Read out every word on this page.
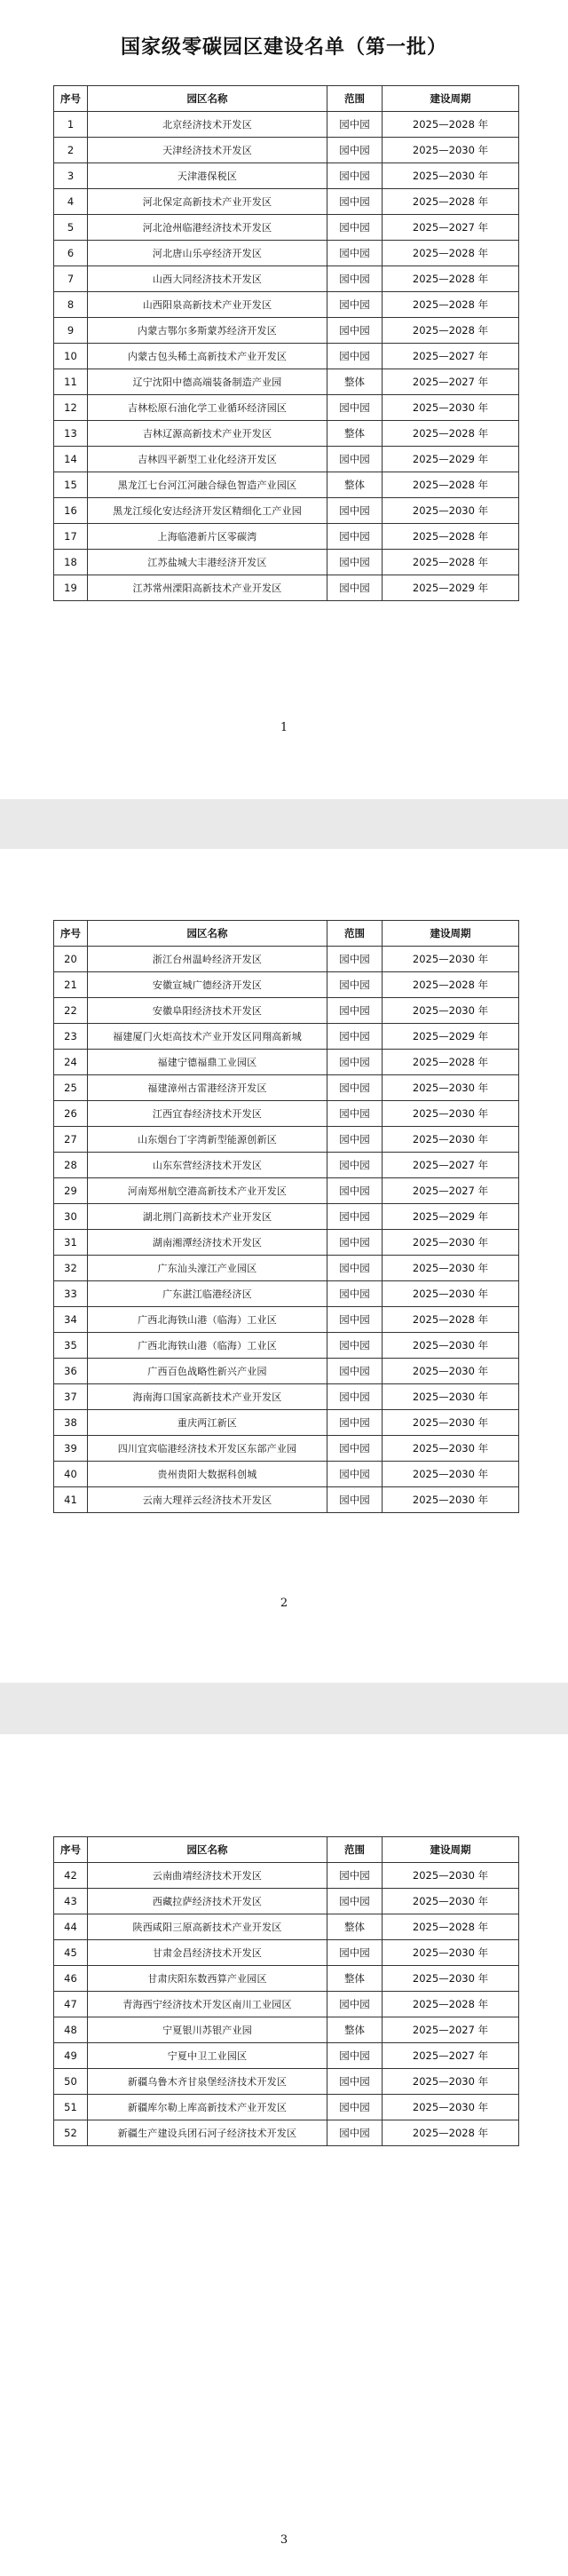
国家级零碳园区建设名单（第一批）
序号	园区名称	范围	建设周期
1	北京经济技术开发区	园中园	2025—2028 年
2	天津经济技术开发区	园中园	2025—2030 年
3	天津港保税区	园中园	2025—2030 年
4	河北保定高新技术产业开发区	园中园	2025—2028 年
5	河北沧州临港经济技术开发区	园中园	2025—2027 年
6	河北唐山乐亭经济开发区	园中园	2025—2028 年
7	山西大同经济技术开发区	园中园	2025—2028 年
8	山西阳泉高新技术产业开发区	园中园	2025—2028 年
9	内蒙古鄂尔多斯蒙苏经济开发区	园中园	2025—2028 年
10	内蒙古包头稀土高新技术产业开发区	园中园	2025—2027 年
11	辽宁沈阳中德高端装备制造产业园	整体	2025—2027 年
12	吉林松原石油化学工业循环经济园区	园中园	2025—2030 年
13	吉林辽源高新技术产业开发区	整体	2025—2028 年
14	吉林四平新型工业化经济开发区	园中园	2025—2029 年
15	黑龙江七台河江河融合绿色智造产业园区	整体	2025—2028 年
16	黑龙江绥化安达经济开发区精细化工产业园	园中园	2025—2030 年
17	上海临港新片区零碳湾	园中园	2025—2028 年
18	江苏盐城大丰港经济开发区	园中园	2025—2028 年
19	江苏常州溧阳高新技术产业开发区	园中园	2025—2029 年
1
序号	园区名称	范围	建设周期
20	浙江台州温岭经济开发区	园中园	2025—2030 年
21	安徽宣城广德经济开发区	园中园	2025—2028 年
22	安徽阜阳经济技术开发区	园中园	2025—2030 年
23	福建厦门火炬高技术产业开发区同翔高新城	园中园	2025—2029 年
24	福建宁德福鼎工业园区	园中园	2025—2028 年
25	福建漳州古雷港经济开发区	园中园	2025—2030 年
26	江西宜春经济技术开发区	园中园	2025—2030 年
27	山东烟台丁字湾新型能源创新区	园中园	2025—2030 年
28	山东东营经济技术开发区	园中园	2025—2027 年
29	河南郑州航空港高新技术产业开发区	园中园	2025—2027 年
30	湖北荆门高新技术产业开发区	园中园	2025—2029 年
31	湖南湘潭经济技术开发区	园中园	2025—2030 年
32	广东汕头濠江产业园区	园中园	2025—2030 年
33	广东湛江临港经济区	园中园	2025—2030 年
34	广西北海铁山港（临海）工业区	园中园	2025—2028 年
35	广西北海铁山港（临海）工业区	园中园	2025—2030 年
36	广西百色战略性新兴产业园	园中园	2025—2030 年
37	海南海口国家高新技术产业开发区	园中园	2025—2030 年
38	重庆两江新区	园中园	2025—2030 年
39	四川宜宾临港经济技术开发区东部产业园	园中园	2025—2030 年
40	贵州贵阳大数据科创城	园中园	2025—2030 年
41	云南大理祥云经济技术开发区	园中园	2025—2030 年
2
序号	园区名称	范围	建设周期
42	云南曲靖经济技术开发区	园中园	2025—2030 年
43	西藏拉萨经济技术开发区	园中园	2025—2030 年
44	陕西咸阳三原高新技术产业开发区	整体	2025—2028 年
45	甘肃金昌经济技术开发区	园中园	2025—2030 年
46	甘肃庆阳东数西算产业园区	整体	2025—2030 年
47	青海西宁经济技术开发区南川工业园区	园中园	2025—2028 年
48	宁夏银川苏银产业园	整体	2025—2027 年
49	宁夏中卫工业园区	园中园	2025—2027 年
50	新疆乌鲁木齐甘泉堡经济技术开发区	园中园	2025—2030 年
51	新疆库尔勒上库高新技术产业开发区	园中园	2025—2030 年
52	新疆生产建设兵团石河子经济技术开发区	园中园	2025—2028 年
3
